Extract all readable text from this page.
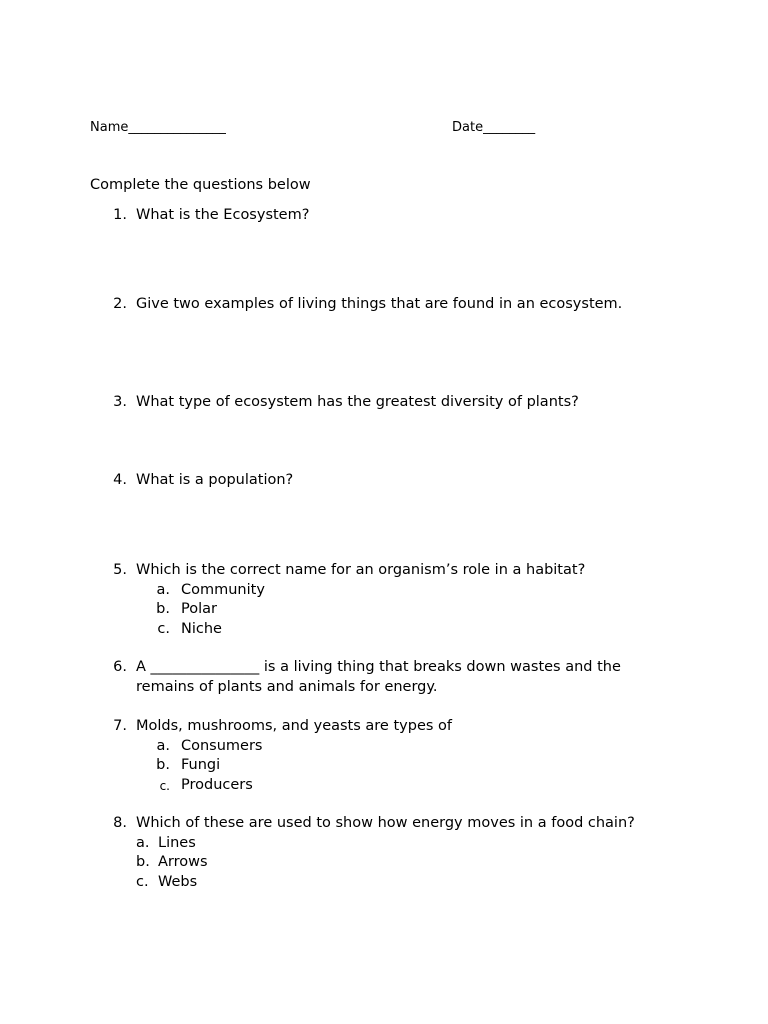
Name_______________	Date________
Complete the questions below
1. What is the Ecosystem?
2. Give two examples of living things that are found in an ecosystem.
3. What type of ecosystem has the greatest diversity of plants?
4. What is a population?
5. Which is the correct name for an organism’s role in a habitat?
a. Community
b. Polar
c. Niche
6. A _______________ is a living thing that breaks down wastes and the
remains of plants and animals for energy.
7. Molds, mushrooms, and yeasts are types of
a. Consumers
b. Fungi
c. Producers
8. Which of these are used to show how energy moves in a food chain?
a. Lines
b. Arrows
c. Webs
